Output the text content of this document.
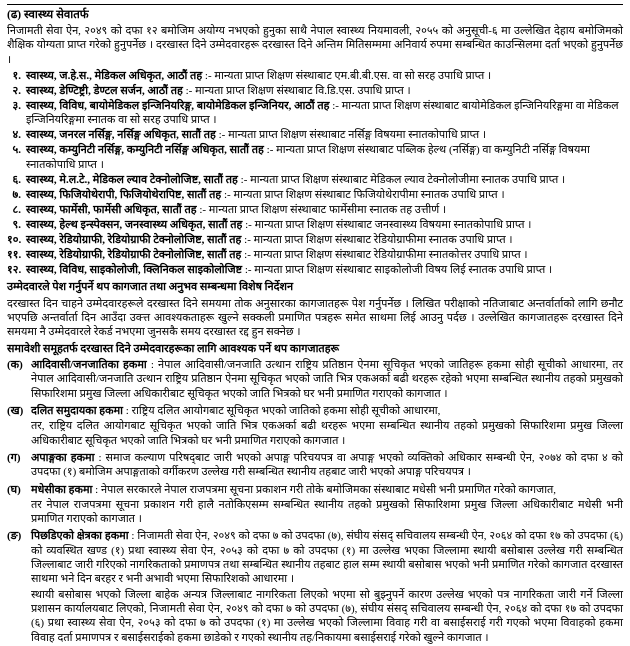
(ढ) स्वास्थ्य सेवातर्फ

निजामती सेवा ऐन, २०४९ को दफा १२ बमोजिम अयोग्य नभएको हुनुका साथै नेपाल स्वास्थ्य नियमावली, २०५५ को अनुसूची-६ मा उल्लेखित देहाय बमोजिमको शैक्षिक योग्यता प्राप्त गरेको हुनुपर्नेछ । दरखास्त दिने उम्मेदवारहरू दरखास्त दिने अन्तिम मितिसम्ममा अनिवार्य रुपमा सम्बन्धित काउन्सिलमा दर्ता भएको हुनुपर्नेछ ।

१. स्वास्थ्य, ज.हे.स., मेडिकल अधिकृत, आठौं तह :- मान्यता प्राप्त शिक्षण संस्थाबाट एम.बी.बी.एस. वा सो सरह उपाधि प्राप्त ।
२. स्वास्थ्य, डेण्टिष्ट्री, डेण्टल सर्जन, आठौं तह :- मान्यता प्राप्त शिक्षण संस्थाबाट वि.डि.एस. उपाधि प्राप्त ।
३. स्वास्थ्य, विविध, बायोमेडिकल इन्जिनियरिङ्ग, बायोमेडिकल इन्जिनियर, आठौं तह :- मान्यता प्राप्त शिक्षण संस्थाबाट बायोमेडिकल इन्जिनियरिङ्गमा वा मेडिकल इन्जिनियरिङ्गमा स्नातक वा सो सरह उपाधि प्राप्त ।
४. स्वास्थ्य, जनरल नर्सिङ्ग, नर्सिङ्ग अधिकृत, सातौं तह :- मान्यता प्राप्त शिक्षण संस्थाबाट नर्सिङ्ग विषयमा स्नातकोपाधि प्राप्त ।
५. स्वास्थ्य, कम्युनिटी नर्सिङ्ग, कम्युनिटी नर्सिङ्ग अधिकृत, सातौं तह :- मान्यता प्राप्त शिक्षण संस्थाबाट पब्लिक हेल्थ (नर्सिङ्ग) वा कम्युनिटी नर्सिङ्ग विषयमा स्नातकोपाधि प्राप्त ।
६. स्वास्थ्य, मे.ल.टे., मेडिकल ल्याव टेक्नोलोजिष्ट, सातौं तह :- मान्यता प्राप्त शिक्षण संस्थाबाट मेडिकल ल्याव टेक्नोलोजीमा स्नातक उपाधि प्राप्त ।
७. स्वास्थ्य, फिजियोथेरापी, फिजियोथेरापिष्ट, सातौं तह :- मान्यता प्राप्त शिक्षण संस्थाबाट फिजियोथेरापीमा स्नातक उपाधि प्राप्त ।
८. स्वास्थ्य, फार्मेसी, फार्मेसी अधिकृत, सातौं तह :- मान्यता प्राप्त शिक्षण संस्थाबाट फार्मेसीमा स्नातक तह उत्तीर्ण ।
९. स्वास्थ्य, हेल्थ इन्स्पेक्सन, जनस्वास्थ्य अधिकृत, सातौं तह :- मान्यता प्राप्त शिक्षण संस्थाबाट जनस्वास्थ्य विषयमा स्नातकोपाधि प्राप्त ।
१०. स्वास्थ्य, रेडियोग्राफी, रेडियोग्राफी टेक्नोलोजिष्ट, सातौं तह :- मान्यता प्राप्त शिक्षण संस्थाबाट रेडियोग्राफीमा स्नातक उपाधि प्राप्त ।
११. स्वास्थ्य, रेडियोग्राफी, रेडियोग्राफी टेक्नोलोजिष्ट, सातौं तह :- मान्यता प्राप्त शिक्षण संस्थाबाट रेडियोग्राफीमा स्नातकोत्तर उपाधि प्राप्त ।
१२. स्वास्थ्य, विविध, साइकोलोजी, क्लिनिकल साइकोलोजिष्ट :- मान्यता प्राप्त शिक्षण संस्थाबाट साइकोलोजी विषय लिई स्नातक उपाधि प्राप्त ।
उम्मेदवारले पेश गर्नुपर्ने थप कागजात तथा अनुभव सम्बन्धमा विशेष निर्देशन

दरखास्त दिन चाहने उम्मेदवारहरूले दरखास्त दिने समयमा तोक अनुसारका कागजातहरू पेश गर्नुपर्नेछ । लिखित परीक्षाको नतिजाबाट अन्तर्वार्ताको लागि छनौट भएपछि अन्तर्वार्ता दिन आउँदा उक्त्त आवश्यकताहरू खुल्ने सक्कली प्रमाणित पत्रहरू समेत साथमा लिई आउनु पर्दछ । उल्लेखित कागजातहरू दरखास्त दिने समयमा नै उम्मेदवारले रेकर्ड नभएमा जुनसकै समय दरखास्त रद्द हुन सक्नेछ ।

समावेशी समूहतर्फ दरखास्त दिने उम्मेदवारहरूका लागि आवश्यक पर्ने थप कागजातहरू
(क) आदिवासी/जनजातिका हकमा : नेपाल आदिवासी/जनजाति उत्थान राष्ट्रिय प्रतिष्ठान ऐनमा सूचिकृत भएको जातिहरू हकमा सोही सूचीको आधारमा, तर नेपाल आदिवासी/जनजाति उत्थान राष्ट्रिय प्रतिष्ठान ऐनमा सूचिकृत भएको जाति भित्र एकअर्का बढी थरहरू रहेको भएमा सम्बन्धित स्थानीय तहको प्रमुखको सिफारिशमा प्रमुख जिल्ला अधिकारीबाट सूचिकृत भएको जाति भित्रको घर भनी प्रमाणित गराएको कागजात ।

(ख) दलित समुदायका हकमा : राष्ट्रिय दलित आयोगबाट सूचिकृत भएको जातिको हकमा सोही सूचीको आधारमा,

तर, राष्ट्रिय दलित आयोगबाट सूचिकृत भएको जाति भित्र एकअर्का बढी थरहरू भएमा सम्बन्धित स्थानीय तहको प्रमुखको सिफारिशमा प्रमुख जिल्ला अधिकारीबाट सूचिकृत भएको जाति भित्रको घर भनी प्रमाणित गराएको कागजात ।

(ग) अपाङ्गका हकमा : समाज कल्याण परिषद्‌बाट जारी भएको अपाङ्ग परिचयपत्र वा अपाङ्ग भएको व्यक्तिको अधिकार सम्बन्धी ऐन, २०७४ को दफा ४ को उपदफा (१) बमोजिम अपाङ्गताको वर्गीकरण उल्लेख गरी सम्बन्धित स्थानीय तहबाट जारी भएको अपाङ्ग परिचयपत्र ।

(घ) मधेसीका हकमा : नेपाल सरकारले नेपाल राजपत्रमा सूचना प्रकाशन गरी तोके बमोजिमका संस्थाबाट मधेसी भनी प्रमाणित गरेको कागजात,

तर नेपाल राजपत्रमा सूचना प्रकाशन गरी हालै नतोकिएसम्म सम्बन्धित स्थानीय तहको प्रमुखको सिफारिशमा प्रमुख जिल्ला अधिकारीबाट मधेसी भनी प्रमाणित गराएको कागजात ।

(ङ) पिछडिएको क्षेत्रका हकमा : निजामती सेवा ऐन, २०४९ को दफा ७ को उपदफा (७), संघीय संसद्‌ सचिवालय सम्बन्धी ऐन, २०६४ को दफा १७ को उपदफा (६) को व्यवस्थित खण्ड (१) प्रथा स्वास्थ्य सेवा ऐन, २०५३ को दफा ७ को उपदफा (१) मा उल्लेख भएका जिल्लामा स्थायी बसोबास उल्लेख गरी सम्बन्धित जिल्लाबाट जारी गरिएको नागरिकताको प्रमाणपत्र तथा सम्बन्धित स्थानीय तहबाट हाल सम्म स्थायी बसोबास भएको भनी प्रमाणित गरेको कागजात दरखास्त साथमा भने दिन बरहर र भनी अभावी भएमा सिफारिशको आधारमा ।

स्थायी बसोबास भएको जिल्ला बाहेक अन्यत्र जिल्लाबाट नागरिकता लिएको भएमा सो बुझ्नुपर्ने कारण उल्लेख भएको पत्र नागरिकता जारी गर्ने जिल्ला प्रशासन कार्यालयबाट लिएको, निजामती सेवा ऐन, २०४९ को दफा ७ को उपदफा (७), संघीय संसद्‌ सचिवालय सम्बन्धी ऐन, २०६४ को दफा १७ को उपदफा (६) प्रथा स्वास्थ्य सेवा ऐन, २०५३ को दफा ७ को उपदफा (१) मा उल्लेख भएको जिल्लामा विवाह गरी वा बसाईसराई गरी गएको भएमा विवाहको हकमा विवाह दर्ता प्रमाणपत्र र बसाईसराईको हकमा छाडेको र गएको स्थानीय तह/निकायमा बसाईसराई गरेको खुल्ने कागजात ।
